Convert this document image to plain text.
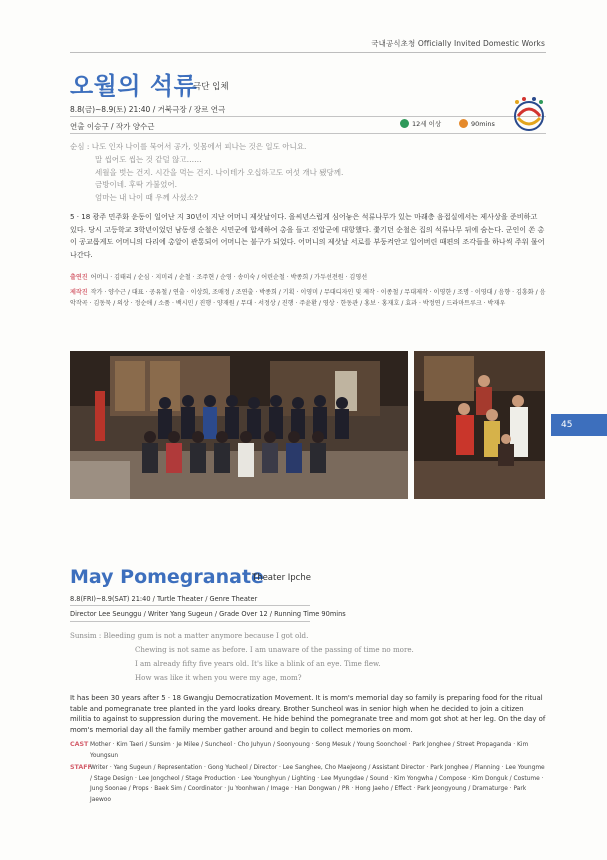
국내공식초청 Officially Invited Domestic Works
오월의 석류
극단 입체
8.8(금)~8.9(토) 21:40 / 거북극장 / 장르 연극
연출 이승구 / 작가 양수근	12세 이상	90mins
순심 : 나도 인자 나이를 묵어서 공가, 잇몸에서 피나는 것은 일도 아니요.
말 씹어도 씹는 것 같덜 않고……
세월을 벗는 건지. 시간을 먹는 건지. 나이테가 오십하고도 여섯 개나 됐당께.
금방이네. 후딱 가불었어.
엄마는 내 나이 때 우께 사셨소?
5 · 18 광주 민주화 운동이 일어난 지 30년이 지난 어머니 제삿날이다. 을씨년스럽게 심어놓은 석류나무가 있는 마래층 음접실에서는 제사상을 준비하고 있다. 당시 고등학교 3학년이었던 남동생 순철은 시민군에 합세하여 총을 들고 진압군에 대항했다. 쫓기던 순철은 집의 석류나무 뒤에 숨는다. 군인이 쏜 총이 공교롭게도 어머니의 다리에 총알이 관통되어 어머니는 불구가 되었다. 어머니의 제삿날 서로를 부둥켜안고 일어버린 때편의 조각들을 하나씩 주워 물어 나간다.
출연진 어머니 · 김태리 / 순심 · 지미리 / 순철 · 조주현 / 순영 · 송미숙 / 어린순철 · 박종희 / 가두선전원 · 김영선
제작진 작가 · 양수근 / 대표 · 공유철 / 연출 · 이상희, 조매정 / 조연출 · 박종희 / 기획 · 이영미 / 무대디자인 및 제작 · 이종철 / 무대제작 · 이영한 / 조명 · 이영대 / 음향 · 김흥화 / 음악작곡 · 김동묵 / 의상 · 정순애 / 소품 · 백시민 / 진행 · 양재원 / 무대 · 서정상 / 진행 · 주윤환 / 영상 · 한동관 / 홍보 · 홍재호 / 효과 · 박정연 / 드라마트루크 · 박재우
45
May Pomegranate
Theater Ipche
8.8(FRI)~8.9(SAT) 21:40 / Turtle Theater / Genre Theater
Director Lee Seunggu / Writer Yang Sugeun / Grade Over 12 / Running Time 90mins
Sunsim : Bleeding gum is not a matter anymore because I got old.
Chewing is not same as before. I am unaware of the passing of time no more.
I am already fifty five years old. It's like a blink of an eye. Time flew.
How was like it when you were my age, mom?
It has been 30 years after 5 · 18 Gwangju Democratization Movement. It is mom's memorial day so family is preparing food for the ritual table and pomegranate tree planted in the yard looks dreary. Brother Suncheol was in senior high when he decided to join a citizen militia to against to suppression during the movement. He hide behind the pomegranate tree and mom got shot at her leg. On the day of mom's memorial day all the family member gather around and begin to collect memories on mom.
CAST Mother · Kim Taeri / Sunsim · Je Milee / Suncheol · Cho Juhyun / Soonyoung · Song Mesuk / Young Soonchoel · Park Jonghee / Street Propaganda · Kim Youngsun
STAFF
Writer · Yang Sugeun / Representation · Gong Yucheol / Director · Lee Sanghee, Cho Maejeong / Assistant Director · Park Jonghee / Planning · Lee Youngme / Stage Design · Lee Jongcheol / Stage Production · Lee Younghyun / Lighting · Lee Myungdae / Sound · Kim Yongwha / Compose · Kim Donguk / Costume · Jung Soonae / Props · Baek Sim / Coordinator · Ju Yoonhwan / Image · Han Dongwan / PR · Hong Jaeho / Effect · Park Jeongyoung / Dramaturge · Park Jaewoo
